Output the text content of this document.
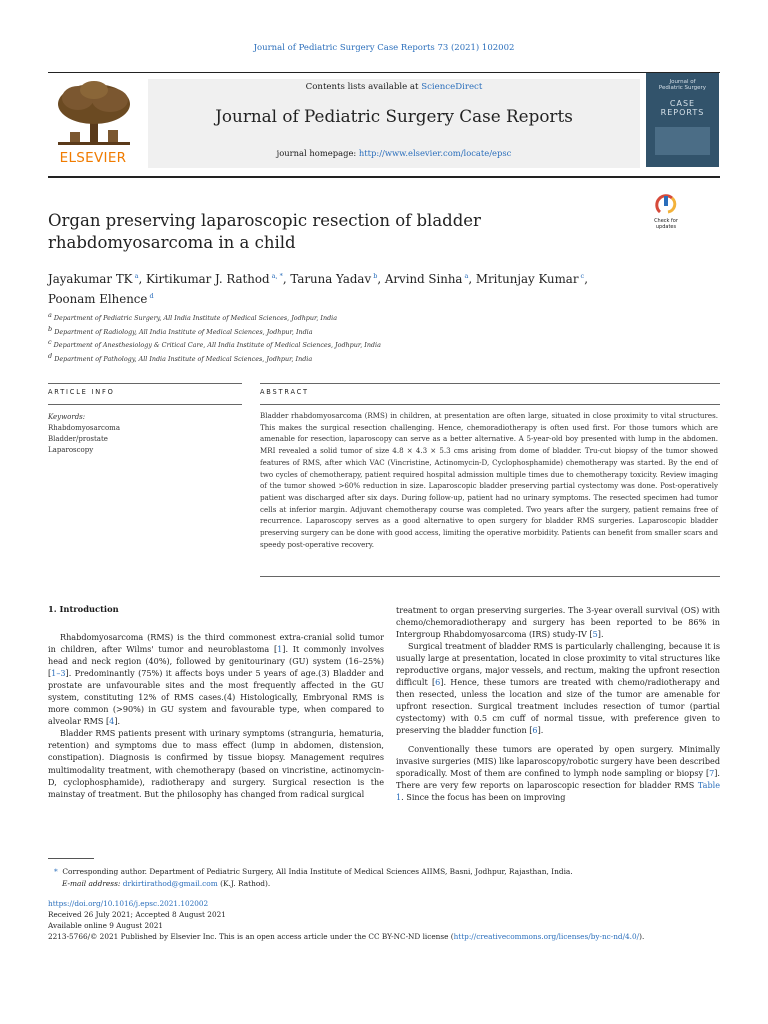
Journal of Pediatric Surgery Case Reports 73 (2021) 102002
ELSEVIER
Contents lists available at ScienceDirect
Journal of Pediatric Surgery Case Reports
journal homepage: http://www.elsevier.com/locate/epsc
Journal of
Pediatric Surgery
CASE
REPORTS
Check for
updates
Organ preserving laparoscopic resection of bladder rhabdomyosarcoma in a child
Jayakumar TK $^a$, Kirtikumar J. Rathod $^{a, *}$, Taruna Yadav $^b$, Arvind Sinha $^a$, Mritunjay Kumar $^c$,
Poonam Elhence $^d$
$^a$ Department of Pediatric Surgery, All India Institute of Medical Sciences, Jodhpur, India
$^b$ Department of Radiology, All India Institute of Medical Sciences, Jodhpur, India
$^c$ Department of Anesthesiology & Critical Care, All India Institute of Medical Sciences, Jodhpur, India
$^d$ Department of Pathology, All India Institute of Medical Sciences, Jodhpur, India
ARTICLE INFO	ABSTRACT
Keywords:
Rhabdomyosarcoma
Bladder/prostate
Laparoscopy
Bladder rhabdomyosarcoma (RMS) in children, at presentation are often large, situated in close proximity to vital structures. This makes the surgical resection challenging. Hence, chemoradiotherapy is often used first. For those tumors which are amenable for resection, laparoscopy can serve as a better alternative. A 5-year-old boy presented with lump in the abdomen. MRI revealed a solid tumor of size 4.8 × 4.3 × 5.3 cms arising from dome of bladder. Tru-cut biopsy of the tumor showed features of RMS, after which VAC (Vincristine, Actinomycin-D, Cyclophosphamide) chemotherapy was started. By the end of two cycles of chemotherapy, patient required hospital admission multiple times due to chemotherapy toxicity. Review imaging of the tumor showed >60% reduction in size. Laparoscopic bladder preserving partial cystectomy was done. Post-operatively patient was discharged after six days. During follow-up, patient had no urinary symptoms. The resected specimen had tumor cells at inferior margin. Adjuvant chemotherapy course was completed. Two years after the surgery, patient remains free of recurrence. Laparoscopy serves as a good alternative to open surgery for bladder RMS surgeries. Laparoscopic bladder preserving surgery can be done with good access, limiting the operative morbidity. Patients can benefit from smaller scars and speedy post-operative recovery.
1. Introduction

Rhabdomyosarcoma (RMS) is the third commonest extra-cranial solid tumor in children, after Wilms' tumor and neuroblastoma [1]. It commonly involves head and neck region (40%), followed by genitourinary (GU) system (16–25%) [1–3]. Predominantly (75%) it affects boys under 5 years of age.(3) Bladder and prostate are unfavourable sites and the most frequently affected in the GU system, constituting 12% of RMS cases.(4) Histologically, Embryonal RMS is more common (>90%) in GU system and favourable type, when compared to alveolar RMS [4].

Bladder RMS patients present with urinary symptoms (stranguria, hematuria, retention) and symptoms due to mass effect (lump in abdomen, distension, constipation). Diagnosis is confirmed by tissue biopsy. Management requires multimodality treatment, with chemotherapy (based on vincristine, actinomycin-D, cyclophosphamide), radiotherapy and surgery. Surgical resection is the mainstay of treatment. But the philosophy has changed from radical surgical

treatment to organ preserving surgeries. The 3-year overall survival (OS) with chemo/chemoradiotherapy and surgery has been reported to be 86% in Intergroup Rhabdomyosarcoma (IRS) study-IV [5].

Surgical treatment of bladder RMS is particularly challenging, because it is usually large at presentation, located in close proximity to vital structures like reproductive organs, major vessels, and rectum, making the upfront resection difficult [6]. Hence, these tumors are treated with chemo/radiotherapy and then resected, unless the location and size of the tumor are amenable for upfront resection. Surgical treatment includes resection of tumor (partial cystectomy) with 0.5 cm cuff of normal tissue, with preference given to preserving the bladder function [6].

Conventionally these tumors are operated by open surgery. Minimally invasive surgeries (MIS) like laparoscopy/robotic surgery have been described sporadically. Most of them are confined to lymph node sampling or biopsy [7]. There are very few reports on laparoscopic resection for bladder RMS Table 1. Since the focus has been on improving

* Corresponding author. Department of Pediatric Surgery, All India Institute of Medical Sciences AIIMS, Basni, Jodhpur, Rajasthan, India.
E-mail address: drkirtirathod@gmail.com (K.J. Rathod).
https://doi.org/10.1016/j.epsc.2021.102002
Received 26 July 2021; Accepted 8 August 2021
Available online 9 August 2021
2213-5766/© 2021 Published by Elsevier Inc. This is an open access article under the CC BY-NC-ND license (http://creativecommons.org/licenses/by-nc-nd/4.0/).
